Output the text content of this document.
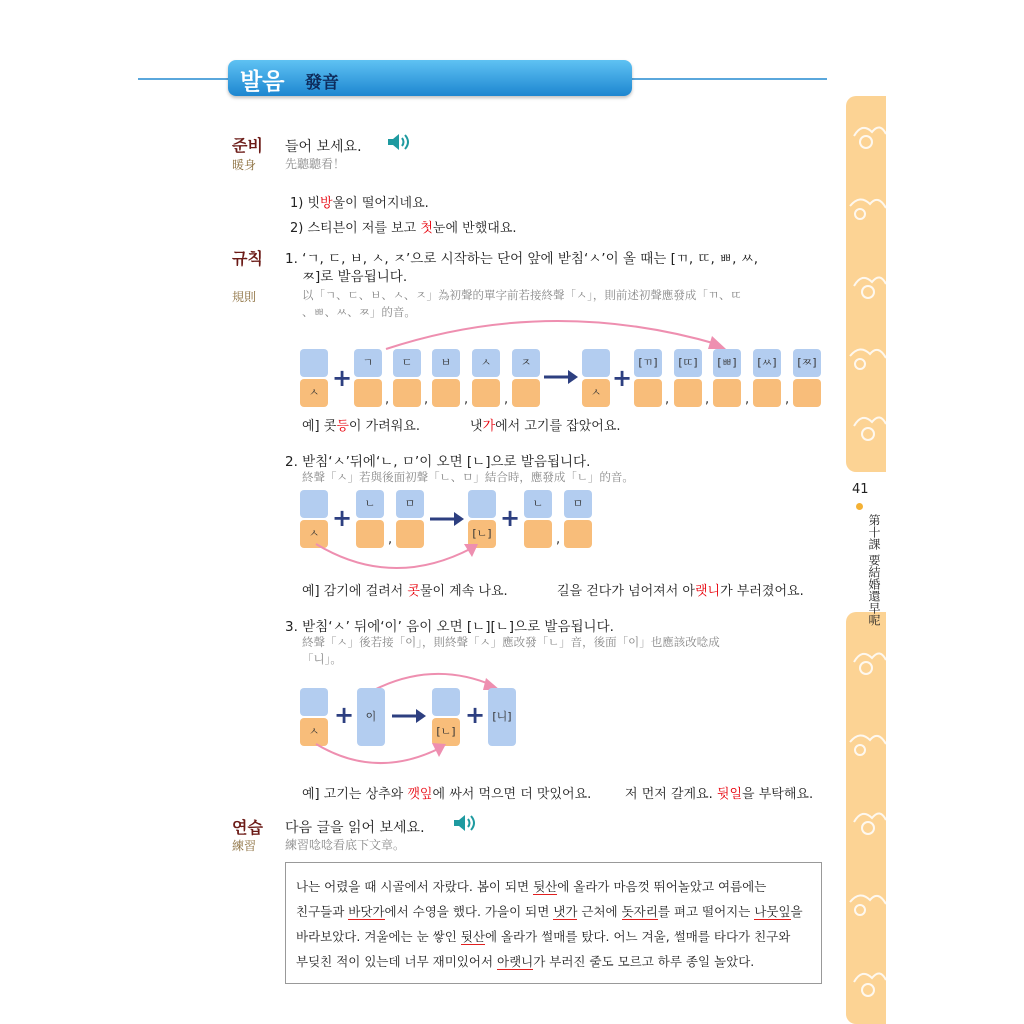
발음 發音
41
第十課 要結婚還早呢
준비
暖身
들어 보세요.
先聽聽看！
1) 빗방울이 떨어지네요.
2) 스티븐이 저를 보고 첫눈에 반했대요.
규칙
規則
1. ‘ㄱ, ㄷ, ㅂ, ㅅ, ㅈ’으로 시작하는 단어 앞에 받침‘ㅅ’이 올 때는 [ㄲ, ㄸ, ㅃ, ㅆ,
ㅉ]로 발음됩니다.
以「ㄱ、ㄷ、ㅂ、ㅅ、ㅈ」為初聲的單字前若接終聲「ㅅ」，則前述初聲應發成「ㄲ、ㄸ
、ㅃ、ㅆ、ㅉ」的音。
ㅅ
+
ㄱ	ㄷ	ㅂ	ㅅ	ㅈ
,	,	,	,	ㅅ
+
[ㄲ]	[ㄸ]	[ㅃ]	[ㅆ]	[ㅉ]
,	,	,	,
예] 콧등이 가려워요.	냇가에서 고기를 잡았어요.
2. 받침‘ㅅ’뒤에‘ㄴ, ㅁ’이 오면 [ㄴ]으로 발음됩니다.
終聲「ㅅ」若與後面初聲「ㄴ、ㅁ」結合時，應發成「ㄴ」的音。
ㅅ
+
ㄴ	ㅁ
,	[ㄴ]
+
ㄴ	ㅁ
,
예] 감기에 걸려서 콧물이 계속 나요.	길을 걷다가 넘어져서 아랫니가 부러졌어요.
3. 받침‘ㅅ’ 뒤에‘이’ 음이 오면 [ㄴ][ㄴ]으로 발음됩니다.
終聲「ㅅ」後若接「이」，則終聲「ㅅ」應改發「ㄴ」音，後面「이」也應該改唸成
「니」。
ㅅ
+	이
[ㄴ]
+ [니]
예] 고기는 상추와 깻잎에 싸서 먹으면 더 맛있어요.	저 먼저 갈게요. 뒷일을 부탁해요.
연습
練習
다음 글을 읽어 보세요.
練習唸唸看底下文章。
나는 어렸을 때 시골에서 자랐다. 봄이 되면 뒷산에 올라가 마음껏 뛰어놀았고 여름에는
친구들과 바닷가에서 수영을 했다. 가을이 되면 냇가 근처에 돗자리를 펴고 떨어지는 나뭇잎을
바라보았다. 겨울에는 눈 쌓인 뒷산에 올라가 썰매를 탔다. 어느 겨울, 썰매를 타다가 친구와
부딪친 적이 있는데 너무 재미있어서 아랫니가 부러진 줄도 모르고 하루 종일 놀았다.
